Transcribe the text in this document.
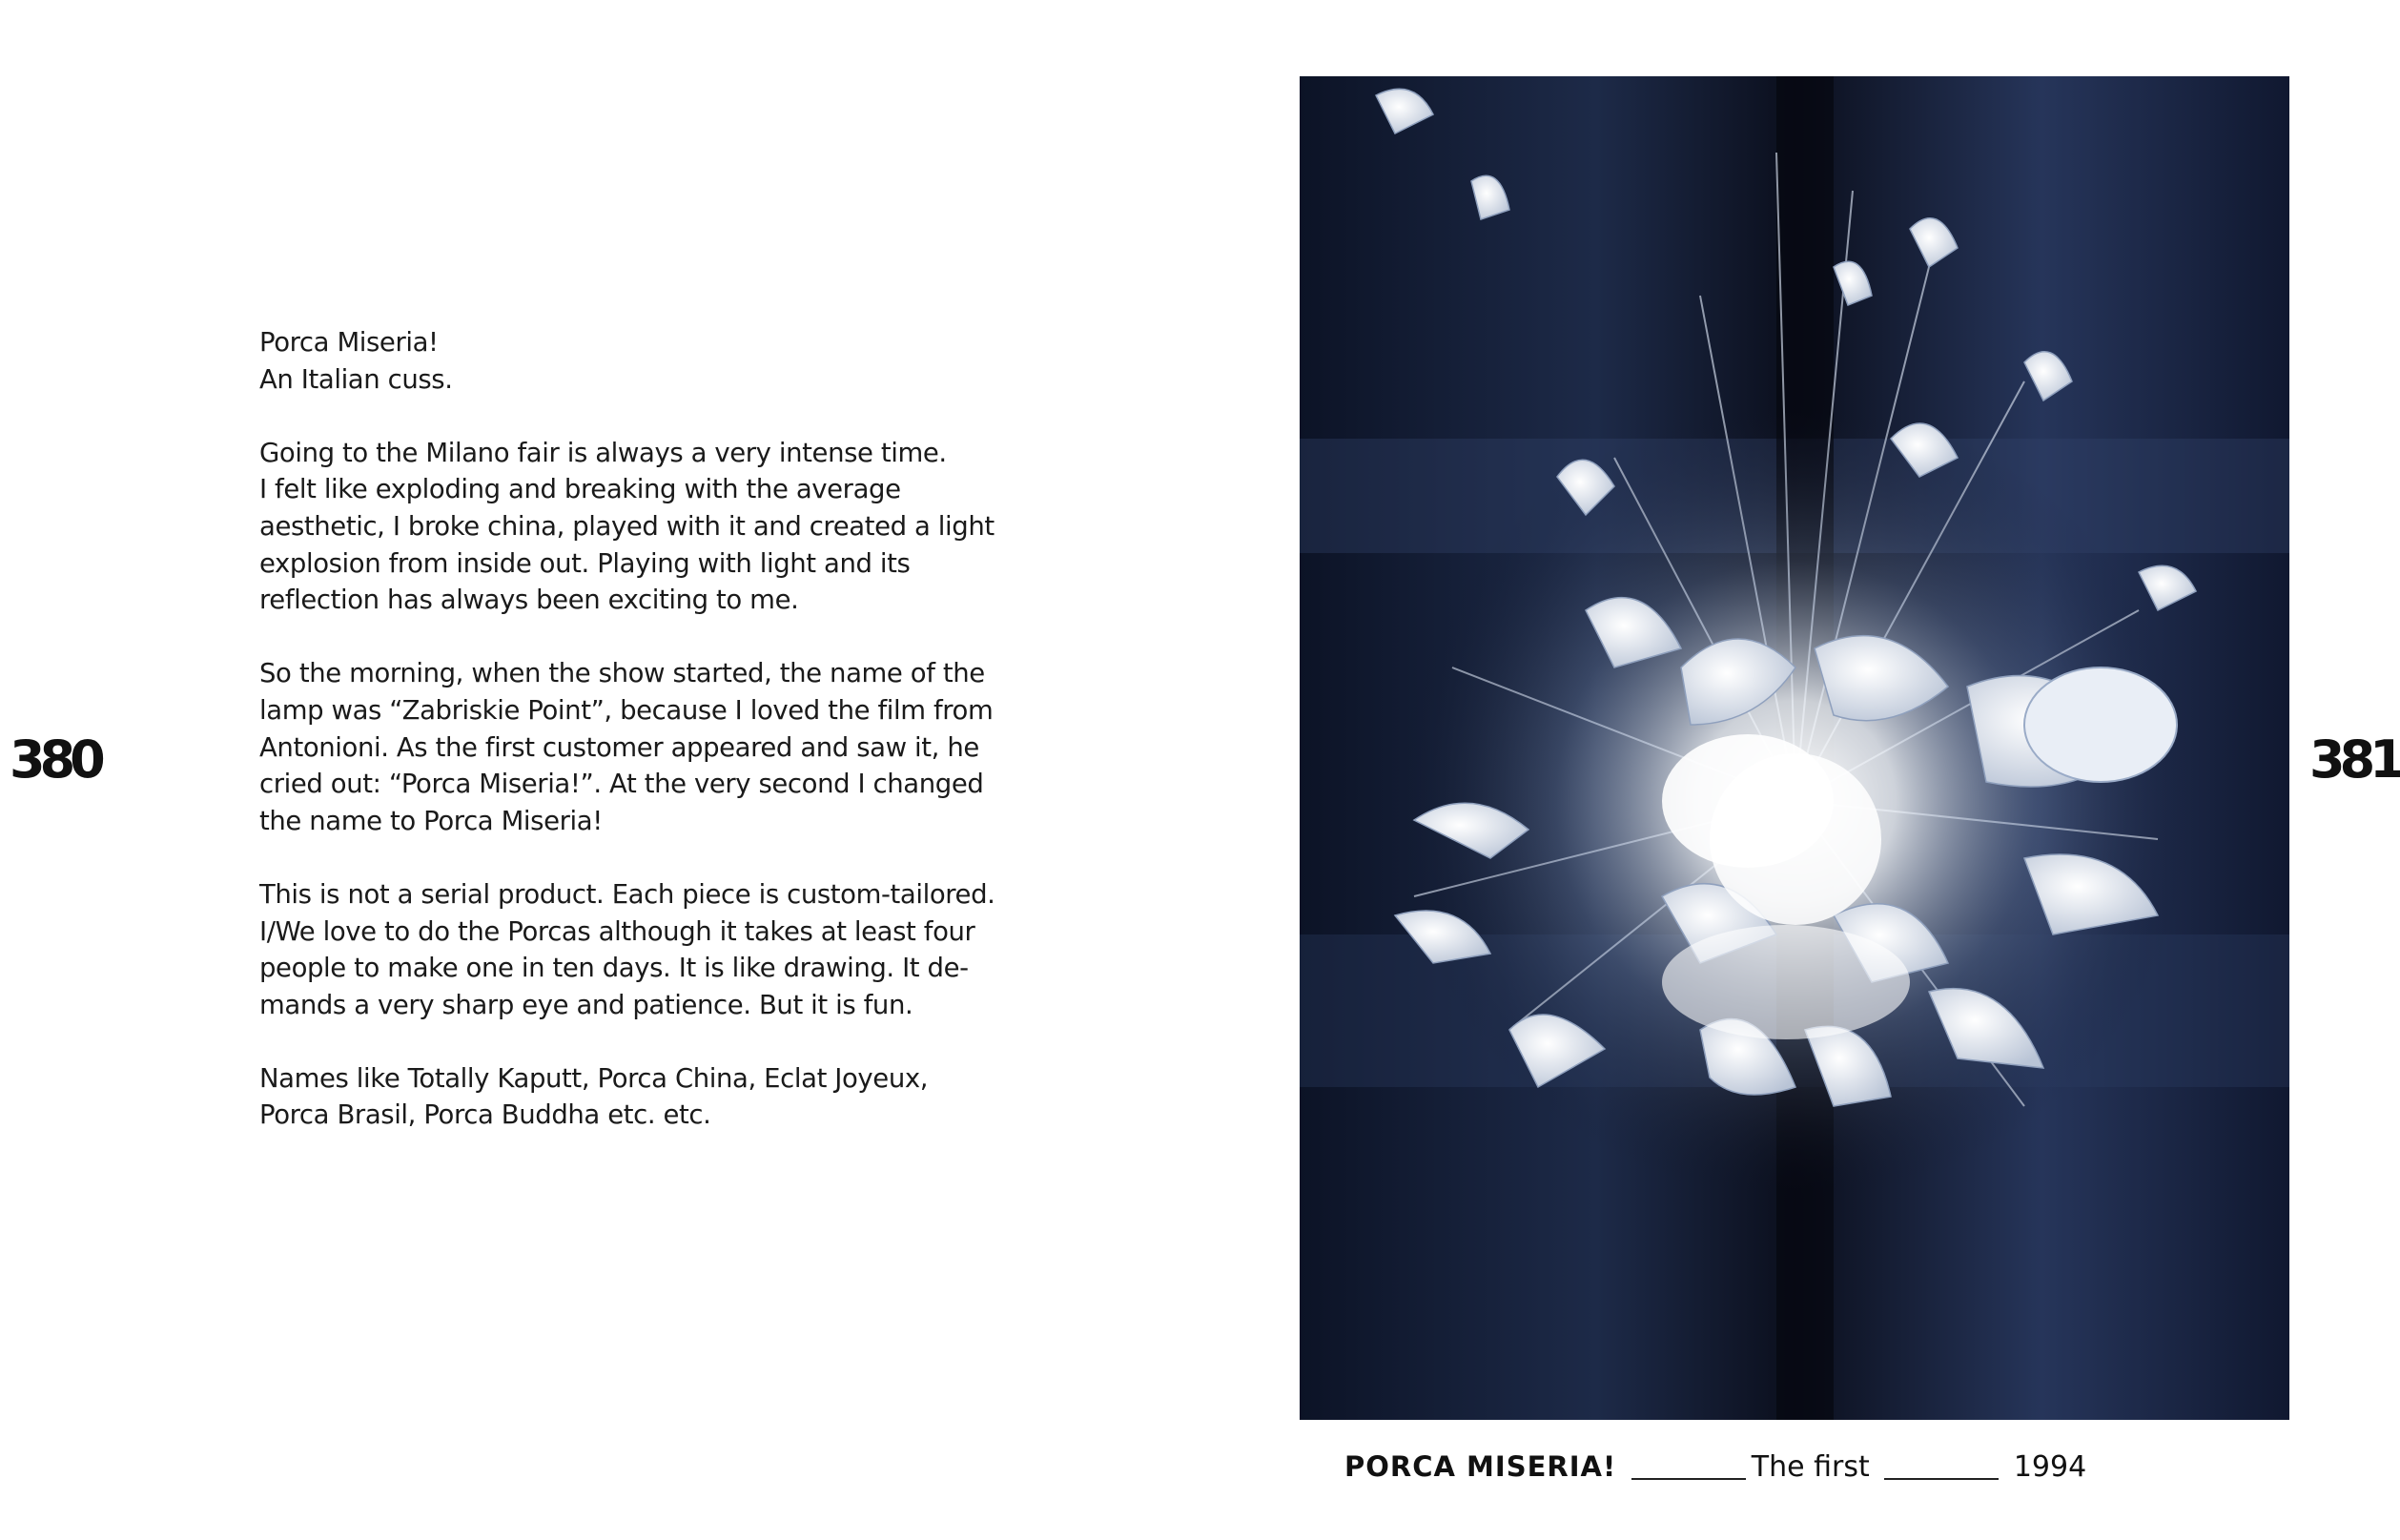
380	381
Porca Miseria!
An Italian cuss.
Going to the Milano fair is always a very intense time.
I felt like exploding and breaking with the average
aesthetic, I broke china, played with it and created a light
explosion from inside out. Playing with light and its
reflection has always been exciting to me.
So the morning, when the show started, the name of the
lamp was “Zabriskie Point”, because I loved the film from
Antonioni. As the first customer appeared and saw it, he
cried out: “Porca Miseria!”. At the very second I changed
the name to Porca Miseria!
This is not a serial product. Each piece is custom-tailored.
I/We love to do the Porcas although it takes at least four
people to make one in ten days. It is like drawing. It de-
mands a very sharp eye and patience. But it is fun.
Names like Totally Kaputt, Porca China, Eclat Joyeux,
Porca Brasil, Porca Buddha etc. etc.
PORCA MISERIA!	The first	1994
